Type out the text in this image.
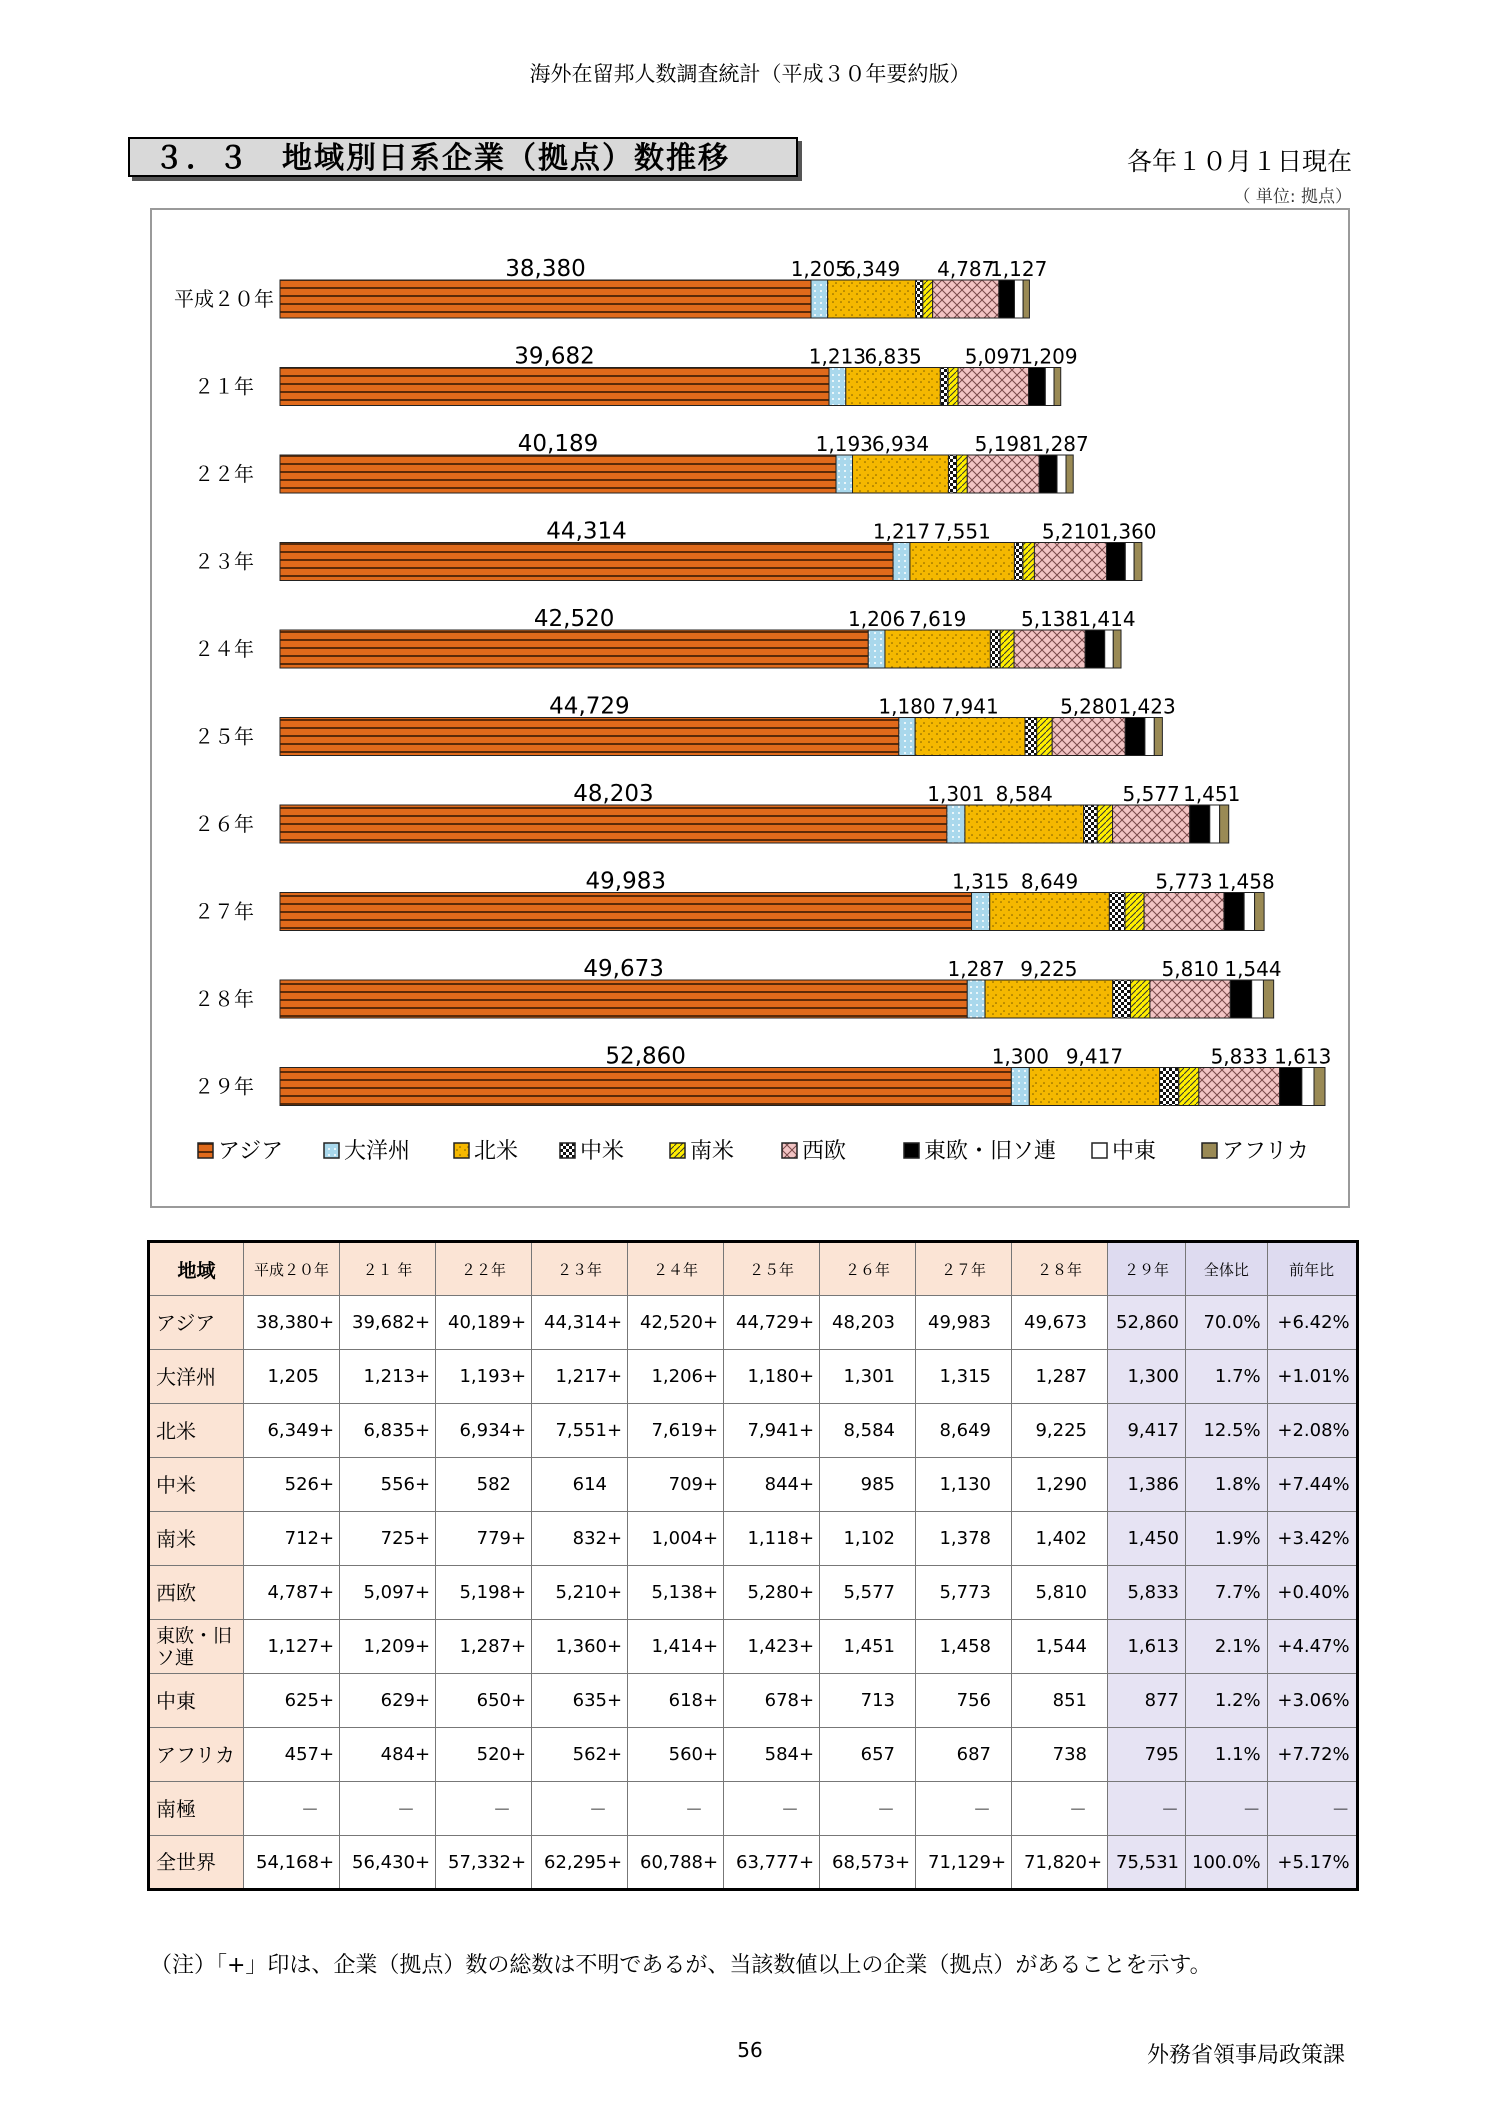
海外在留邦人数調査統計（平成３０年要約版）
３．３　地域別日系企業（拠点）数推移	各年１０月１日現在
（ 単位: 拠点）
平成２０年
２１年
２２年
２３年
２４年
２５年
２６年
２７年
２８年
２９年
38,380	1,205
6,349 4,787
1,127
39,682	1,213
6,835 5,097
1,209
40,189	1,193
6,934 5,198 1,287
44,314	1,217 7,551	5,210 1,360
42,520	1,206 7,619	5,138 1,414
44,729	1,180 7,941	5,280 1,423
48,203	1,301 8,584	5,577 1,451
49,983	1,315 8,649	5,773 1,458
49,673	1,287 9,225	5,810 1,544
52,860	1,300 9,417	5,833 1,613
アジア	大洋州	北米	中米	南米	西欧	東欧・旧ソ連	中東	アフリカ
地域	平成２０年	２１ 年	２２年	２３年	２４年	２５年	２６年	２７年	２８年	２９年	全体比	前年比
アジア	38,380+	39,682+	40,189+	44,314+	42,520+	44,729+	48,203	49,983	49,673	52,860	70.0%	+6.42%
大洋州	1,205	1,213+	1,193+	1,217+	1,206+	1,180+	1,301	1,315	1,287	1,300	1.7%	+1.01%
北米	6,349+	6,835+	6,934+	7,551+	7,619+	7,941+	8,584	8,649	9,225	9,417	12.5%	+2.08%
中米	526+	556+	582	614	709+	844+	985	1,130	1,290	1,386	1.8%	+7.44%
南米	712+	725+	779+	832+	1,004+	1,118+	1,102	1,378	1,402	1,450	1.9%	+3.42%
西欧	4,787+	5,097+	5,198+	5,210+	5,138+	5,280+	5,577	5,773	5,810	5,833	7.7%	+0.40%
東欧・旧ソ連	1,127+	1,209+	1,287+	1,360+	1,414+	1,423+	1,451	1,458	1,544	1,613	2.1%	+4.47%
中東	625+	629+	650+	635+	618+	678+	713	756	851	877	1.2%	+3.06%
アフリカ	457+	484+	520+	562+	560+	584+	657	687	738	795	1.1%	+7.72%
南極	－	－	－	－	－	－	－	－	－	－	－	－
全世界	54,168+	56,430+	57,332+	62,295+	60,788+	63,777+	68,573+	71,129+	71,820+	75,531	100.0%	+5.17%
（注）「+」印は、企業（拠点）数の総数は不明であるが、当該数値以上の企業（拠点）があることを示す。
56	外務省領事局政策課
